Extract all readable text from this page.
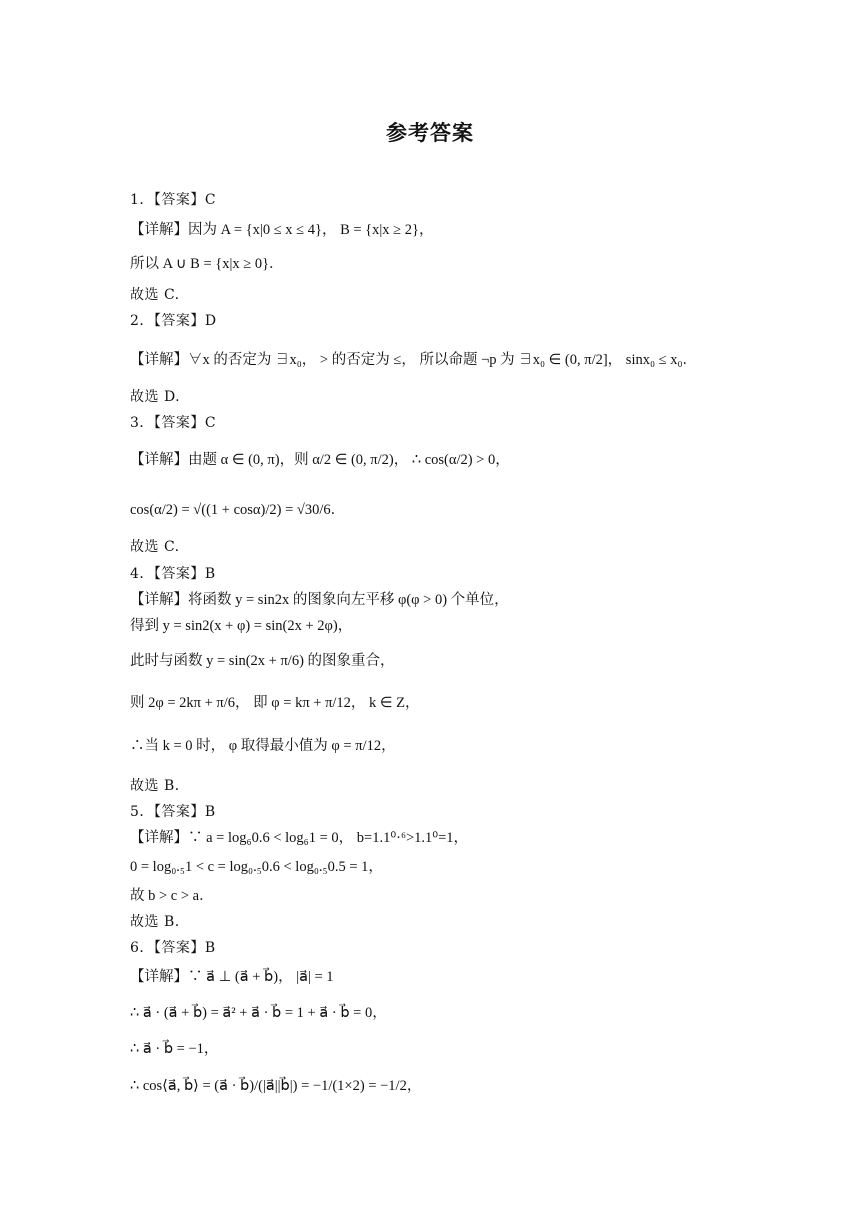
参考答案
1．【答案】C
【详解】因为 A = {x|0 ≤ x ≤ 4}， B = {x|x ≥ 2}，
所以 A ∪ B = {x|x ≥ 0}．
故选 C.
2．【答案】D
【详解】∀x 的否定为 ∃x₀， > 的否定为 ≤， 所以命题 ¬p 为 ∃x₀ ∈ (0, π/2]， sinx₀ ≤ x₀．
故选 D.
3．【答案】C
【详解】由题 α ∈ (0, π)，则 α/2 ∈ (0, π/2)， ∴ cos(α/2) > 0，
cos(α/2) = √((1 + cosα)/2) = √30/6．
故选 C.
4．【答案】B
【详解】将函数 y = sin2x 的图象向左平移 φ(φ > 0) 个单位，
得到 y = sin2(x + φ) = sin(2x + 2φ)，
此时与函数 y = sin(2x + π/6) 的图象重合，
则 2φ = 2kπ + π/6， 即 φ = kπ + π/12， k ∈ Z，
∴当 k = 0 时， φ 取得最小值为 φ = π/12，
故选 B．
5．【答案】B
【详解】∵ a = log₆0.6 < log₆1 = 0， b=1.1⁰·⁶>1.1⁰=1，
0 = log₀.₅1 < c = log₀.₅0.6 < log₀.₅0.5 = 1，
故 b > c > a．
故选 B.
6．【答案】B
【详解】∵ a⃗ ⊥ (a⃗ + b⃗)， |a⃗| = 1
∴ a⃗ · (a⃗ + b⃗) = a⃗² + a⃗ · b⃗ = 1 + a⃗ · b⃗ = 0，
∴ a⃗ · b⃗ = −1，
∴ cos⟨a⃗, b⃗⟩ = (a⃗ · b⃗)/(|a⃗||b⃗|) = −1/(1×2) = −1/2，
